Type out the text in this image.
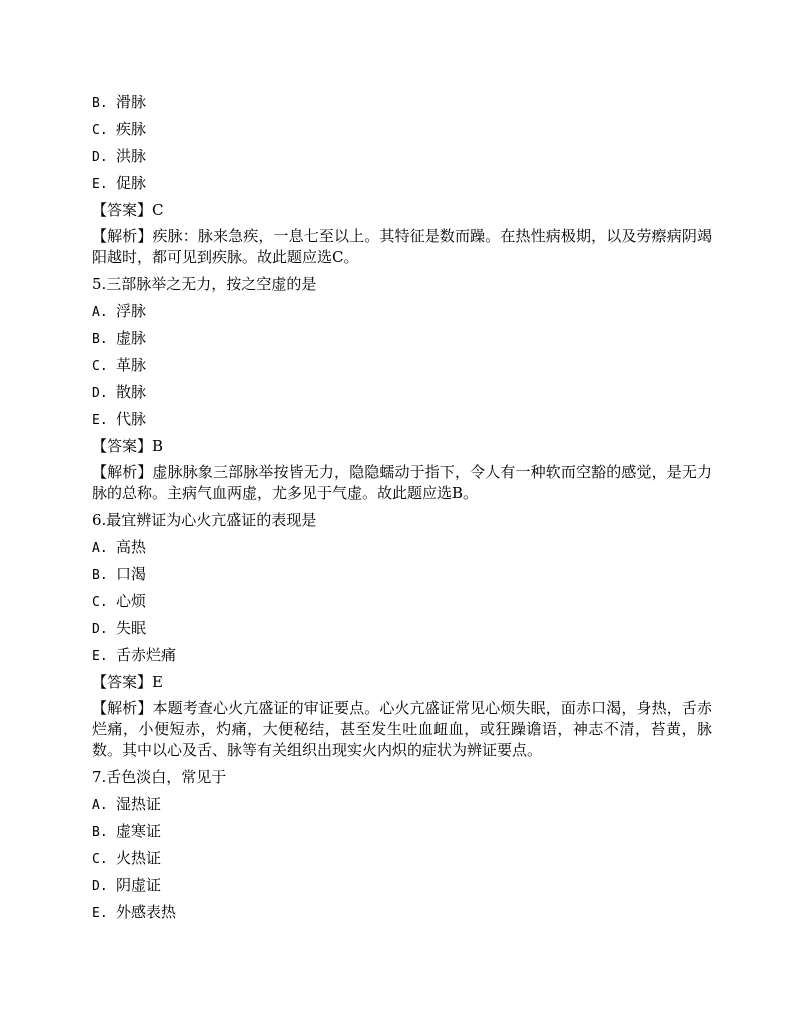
B. 滑脉
C. 疾脉
D. 洪脉
E. 促脉
【答案】C
【解析】疾脉：脉来急疾，一息七至以上。其特征是数而躁。在热性病极期，以及劳瘵病阴竭阳越时，都可见到疾脉。故此题应选C。
5.三部脉举之无力，按之空虚的是
A. 浮脉
B. 虚脉
C. 革脉
D. 散脉
E. 代脉
【答案】B
【解析】虚脉脉象三部脉举按皆无力，隐隐蠕动于指下，令人有一种软而空豁的感觉，是无力脉的总称。主病气血两虚，尤多见于气虚。故此题应选B。
6.最宜辨证为心火亢盛证的表现是
A. 高热
B. 口渴
C. 心烦
D. 失眠
E. 舌赤烂痛
【答案】E
【解析】本题考查心火亢盛证的审证要点。心火亢盛证常见心烦失眠，面赤口渴，身热，舌赤烂痛，小便短赤，灼痛，大便秘结，甚至发生吐血衄血，或狂躁谵语，神志不清，苔黄，脉数。其中以心及舌、脉等有关组织出现实火内炽的症状为辨证要点。
7.舌色淡白，常见于
A. 湿热证
B. 虚寒证
C. 火热证
D. 阴虚证
E. 外感表热
